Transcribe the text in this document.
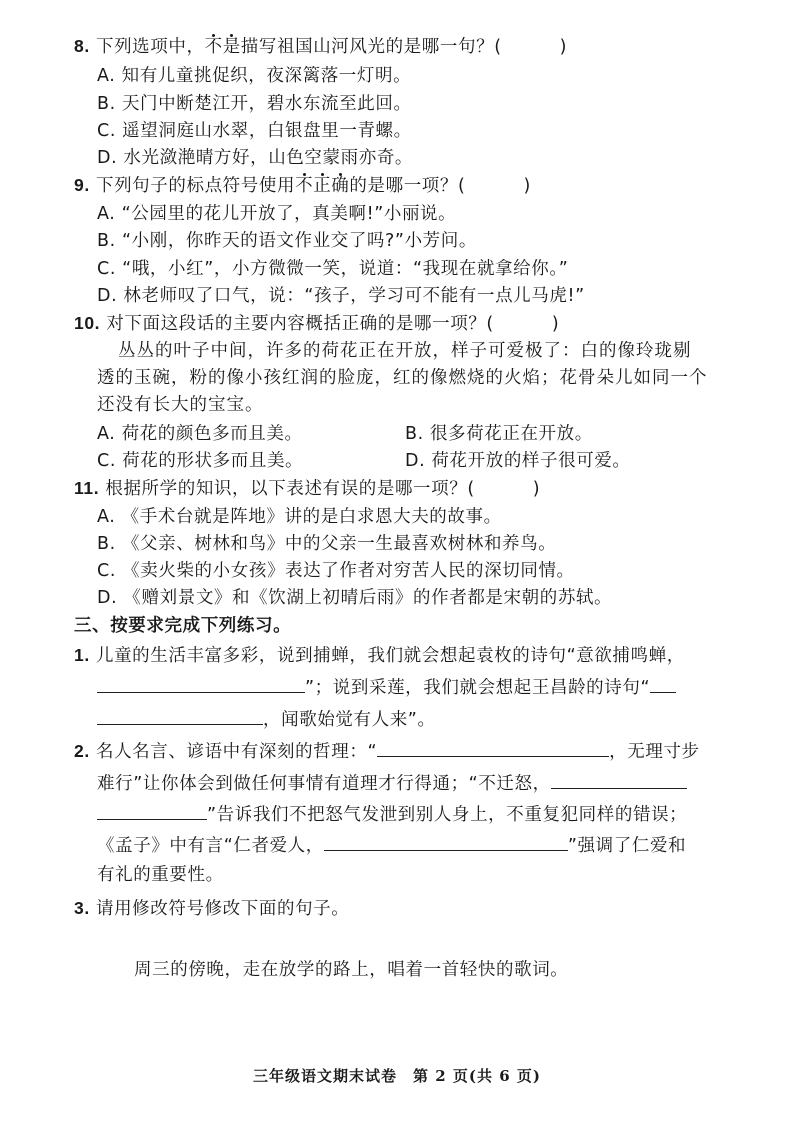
8. 下列选项中，不是描写祖国山河风光的是哪一句？(	)
A. 知有儿童挑促织，夜深篱落一灯明。
B. 天门中断楚江开，碧水东流至此回。
C. 遥望洞庭山水翠，白银盘里一青螺。
D. 水光潋滟晴方好，山色空蒙雨亦奇。
9. 下列句子的标点符号使用不正确的是哪一项？(	)
A. “公园里的花儿开放了，真美啊!”小丽说。
B. “小刚，你昨天的语文作业交了吗?”小芳问。
C. “哦，小红”，小方微微一笑，说道：“我现在就拿给你。”
D. 林老师叹了口气，说：“孩子，学习可不能有一点儿马虎!”
10. 对下面这段话的主要内容概括正确的是哪一项？(	)
丛丛的叶子中间，许多的荷花正在开放，样子可爱极了：白的像玲珑剔
透的玉碗，粉的像小孩红润的脸庞，红的像燃烧的火焰；花骨朵儿如同一个
还没有长大的宝宝。
A. 荷花的颜色多而且美。	B. 很多荷花正在开放。
C. 荷花的形状多而且美。	D. 荷花开放的样子很可爱。
11. 根据所学的知识，以下表述有误的是哪一项？(	)
A. 《手术台就是阵地》讲的是白求恩大夫的故事。
B. 《父亲、树林和鸟》中的父亲一生最喜欢树林和养鸟。
C. 《卖火柴的小女孩》表达了作者对穷苦人民的深切同情。
D. 《赠刘景文》和《饮湖上初晴后雨》的作者都是宋朝的苏轼。
三、按要求完成下列练习。
1. 儿童的生活丰富多彩，说到捕蝉，我们就会想起袁枚的诗句“意欲捕鸣蝉，
”；说到采莲，我们就会想起王昌龄的诗句“
，闻歌始觉有人来”。
2. 名人名言、谚语中有深刻的哲理：“	，无理寸步
难行”让你体会到做任何事情有道理才行得通；“不迁怒，
”告诉我们不把怒气发泄到别人身上，不重复犯同样的错误；
《孟子》中有言“仁者爱人，	”强调了仁爱和
有礼的重要性。
3. 请用修改符号修改下面的句子。
周三的傍晚，走在放学的路上，唱着一首轻快的歌词。
三年级语文期末试卷　第 2 页(共 6 页)
